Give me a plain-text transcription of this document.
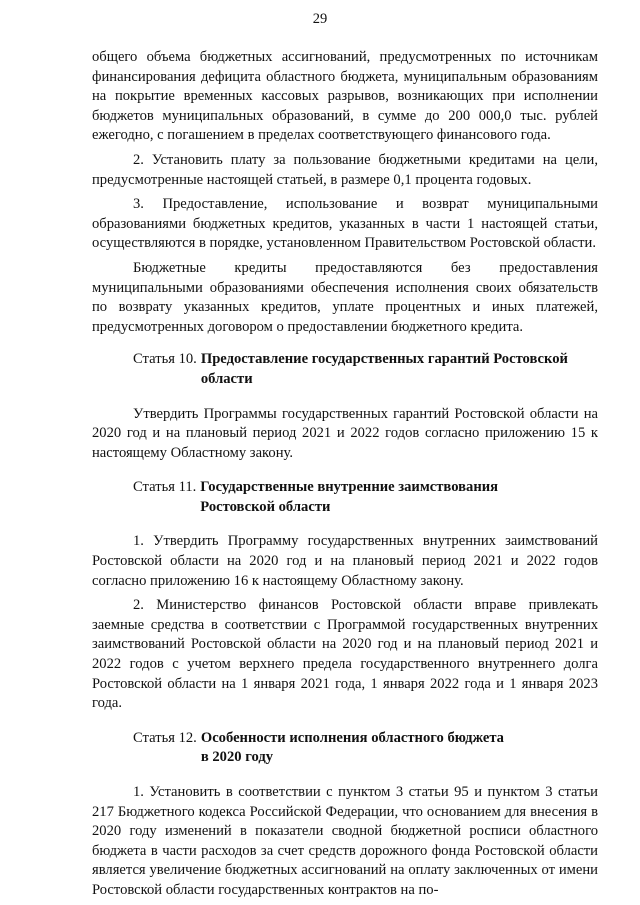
29

общего объема бюджетных ассигнований, предусмотренных по источникам финансирования дефицита областного бюджета, муниципальным образованиям на покрытие временных кассовых разрывов, возникающих при исполнении бюджетов муниципальных образований, в сумме до 200 000,0 тыс. рублей ежегодно, с погашением в пределах соответствующего финансового года.

2. Установить плату за пользование бюджетными кредитами на цели, предусмотренные настоящей статьей, в размере 0,1 процента годовых.

3. Предоставление, использование и возврат муниципальными образованиями бюджетных кредитов, указанных в части 1 настоящей статьи, осуществляются в порядке, установленном Правительством Ростовской области.

Бюджетные кредиты предоставляются без предоставления муниципальными образованиями обеспечения исполнения своих обязательств по возврату указанных кредитов, уплате процентных и иных платежей, предусмотренных договором о предоставлении бюджетного кредита.

Статья 10. Предоставление государственных гарантий Ростовской
области

Утвердить Программы государственных гарантий Ростовской области на 2020 год и на плановый период 2021 и 2022 годов согласно приложению 15 к настоящему Областному закону.

Статья 11. Государственные внутренние заимствования
Ростовской области

1. Утвердить Программу государственных внутренних заимствований Ростовской области на 2020 год и на плановый период 2021 и 2022 годов согласно приложению 16 к настоящему Областному закону.

2. Министерство финансов Ростовской области вправе привлекать заемные средства в соответствии с Программой государственных внутренних заимствований Ростовской области на 2020 год и на плановый период 2021 и 2022 годов с учетом верхнего предела государственного внутреннего долга Ростовской области на 1 января 2021 года, 1 января 2022 года и 1 января 2023 года.

Статья 12. Особенности исполнения областного бюджета
в 2020 году

1. Установить в соответствии с пунктом 3 статьи 95 и пунктом 3 статьи 217 Бюджетного кодекса Российской Федерации, что основанием для внесения в 2020 году изменений в показатели сводной бюджетной росписи областного бюджета в части расходов за счет средств дорожного фонда Ростовской области является увеличение бюджетных ассигнований на оплату заключенных от имени Ростовской области государственных контрактов на по-
